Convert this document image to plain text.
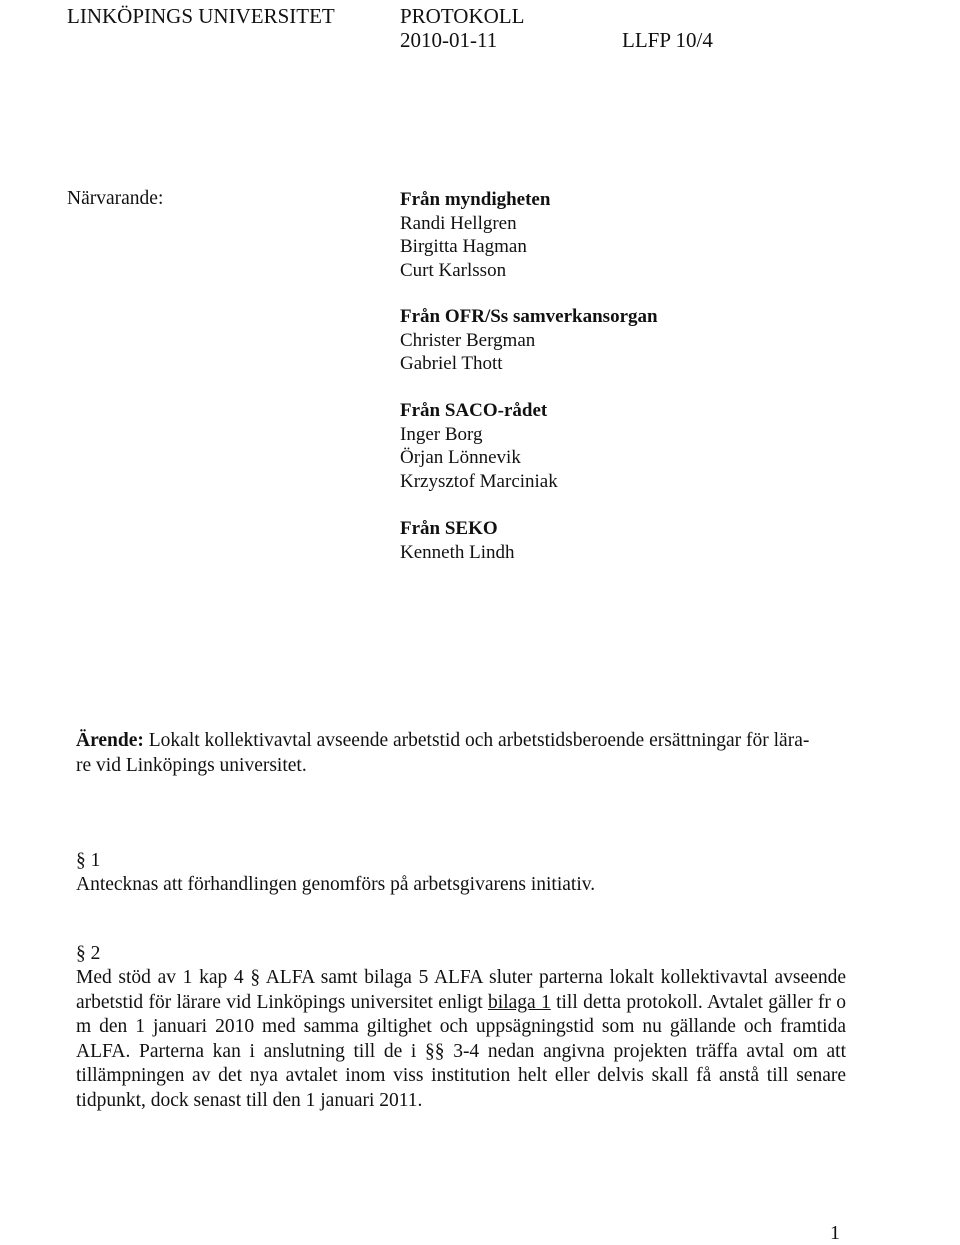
LINKÖPINGS UNIVERSITET	PROTOKOLL
2010-01-11	LLFP 10/4
Närvarande:	Från myndigheten
Randi Hellgren
Birgitta Hagman
Curt Karlsson
Från OFR/Ss samverkansorgan
Christer Bergman
Gabriel Thott
Från SACO-rådet
Inger Borg
Örjan Lönnevik
Krzysztof Marciniak
Från SEKO
Kenneth Lindh
Ärende: Lokalt kollektivavtal avseende arbetstid och arbetstidsberoende ersättningar för lära-
re vid Linköpings universitet.
§ 1
Antecknas att förhandlingen genomförs på arbetsgivarens initiativ.
§ 2
Med stöd av 1 kap 4 § ALFA samt bilaga 5 ALFA sluter parterna lokalt kollektivavtal avseende arbetstid för lärare vid Linköpings universitet enligt bilaga 1 till detta protokoll. Avtalet gäller fr o m den 1 januari 2010 med samma giltighet och uppsägningstid som nu gällande och framtida ALFA. Parterna kan i anslutning till de i §§ 3-4 nedan angivna projekten träffa avtal om att tillämpningen av det nya avtalet inom viss institution helt eller delvis skall få anstå till senare tidpunkt, dock senast till den 1 januari 2011.
1
